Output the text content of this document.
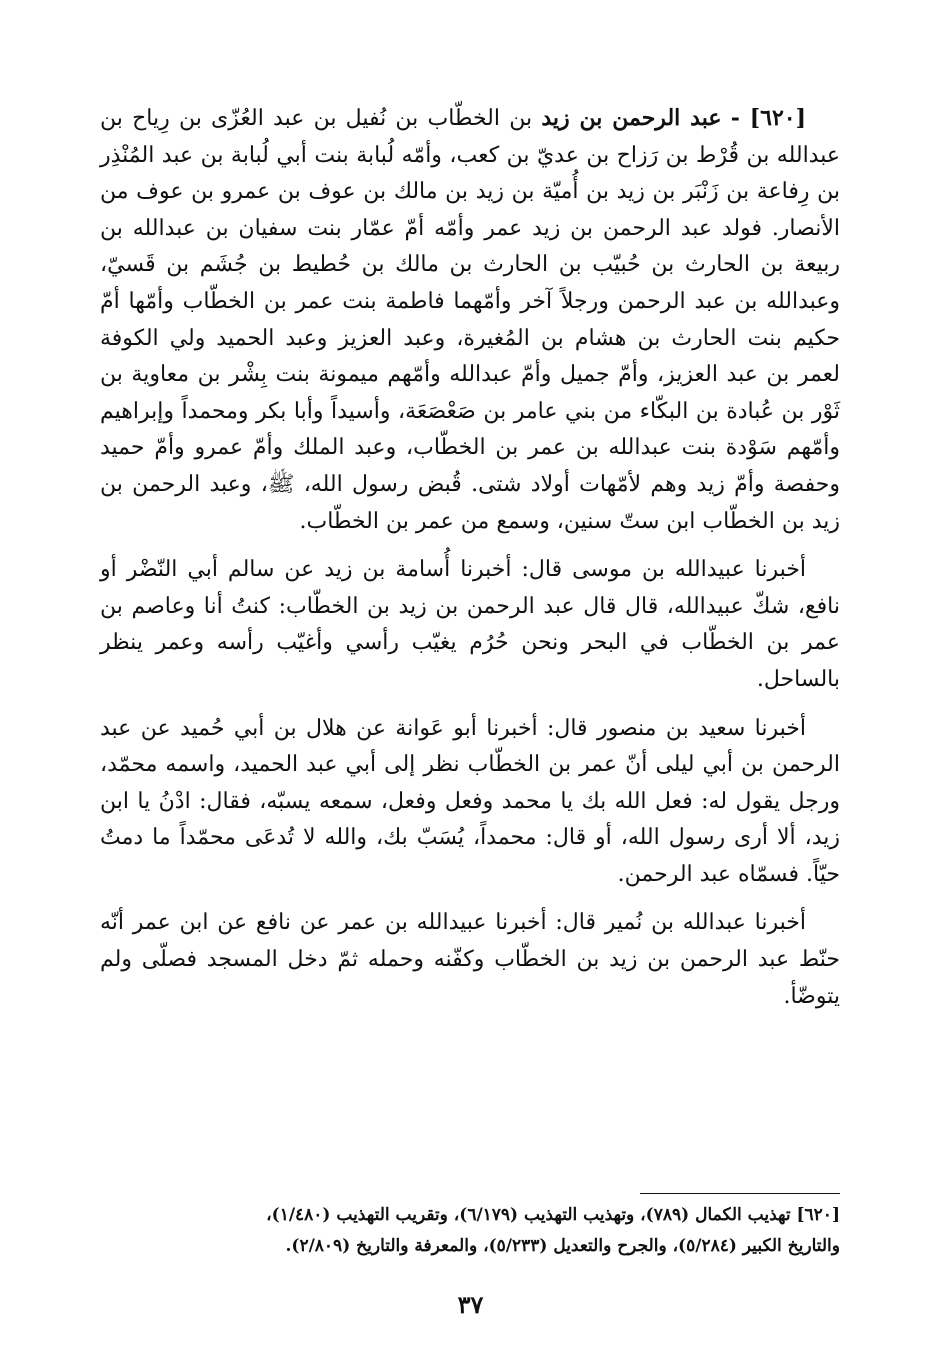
[٦٢٠] - عبد الرحمن بن زيد بن الخطّاب بن نُفيل بن عبد العُزّى بن رِياح بن عبدالله بن قُرْط بن رَزاح بن عديّ بن كعب، وأمّه لُبابة بنت أبي لُبابة بن عبد المُنْذِر بن رِفاعة بن زَنْبَر بن زيد بن أُميّة بن زيد بن مالك بن عوف بن عمرو بن عوف من الأنصار. فولد عبد الرحمن بن زيد عمر وأمّه أمّ عمّار بنت سفيان بن عبدالله بن ربيعة بن الحارث بن حُبيّب بن الحارث بن مالك بن حُطيط بن جُشَم بن قَسيّ، وعبدالله بن عبد الرحمن ورجلاً آخر وأمّهما فاطمة بنت عمر بن الخطّاب وأمّها أمّ حكيم بنت الحارث بن هشام بن المُغيرة، وعبد العزيز وعبد الحميد ولي الكوفة لعمر بن عبد العزيز، وأمّ جميل وأمّ عبدالله وأمّهم ميمونة بنت بِشْر بن معاوية بن ثَوْر بن عُبادة بن البكّاء من بني عامر بن صَعْصَعَة، وأسيداً وأبا بكر ومحمداً وإبراهيم وأمّهم سَوْدة بنت عبدالله بن عمر بن الخطّاب، وعبد الملك وأمّ عمرو وأمّ حميد وحفصة وأمّ زيد وهم لأمّهات أولاد شتى. قُبض رسول الله، ﷺ، وعبد الرحمن بن زيد بن الخطّاب ابن ستّ سنين، وسمع من عمر بن الخطّاب.

أخبرنا عبيدالله بن موسى قال: أخبرنا أُسامة بن زيد عن سالم أبي النّضْر أو نافع، شكّ عبيدالله، قال قال عبد الرحمن بن زيد بن الخطّاب: كنتُ أنا وعاصم بن عمر بن الخطّاب في البحر ونحن حُرُم يغيّب رأسي وأغيّب رأسه وعمر ينظر بالساحل.

أخبرنا سعيد بن منصور قال: أخبرنا أبو عَوانة عن هلال بن أبي حُميد عن عبد الرحمن بن أبي ليلى أنّ عمر بن الخطّاب نظر إلى أبي عبد الحميد، واسمه محمّد، ورجل يقول له: فعل الله بك يا محمد وفعل وفعل، سمعه يسبّه، فقال: ادْنُ يا ابن زيد، ألا أرى رسول الله، أو قال: محمداً، يُسَبّ بك، والله لا تُدعَى محمّداً ما دمتُ حيّاً. فسمّاه عبد الرحمن.

أخبرنا عبدالله بن نُمير قال: أخبرنا عبيدالله بن عمر عن نافع عن ابن عمر أنّه حنّط عبد الرحمن بن زيد بن الخطّاب وكفّنه وحمله ثمّ دخل المسجد فصلّى ولم يتوضّأ.

[٦٢٠] تهذيب الكمال (٧٨٩)، وتهذيب التهذيب (٦/١٧٩)، وتقريب التهذيب (١/٤٨٠)،

والتاريخ الكبير (٥/٢٨٤)، والجرح والتعديل (٥/٢٣٣)، والمعرفة والتاريخ (٢/٨٠٩).

٣٧
